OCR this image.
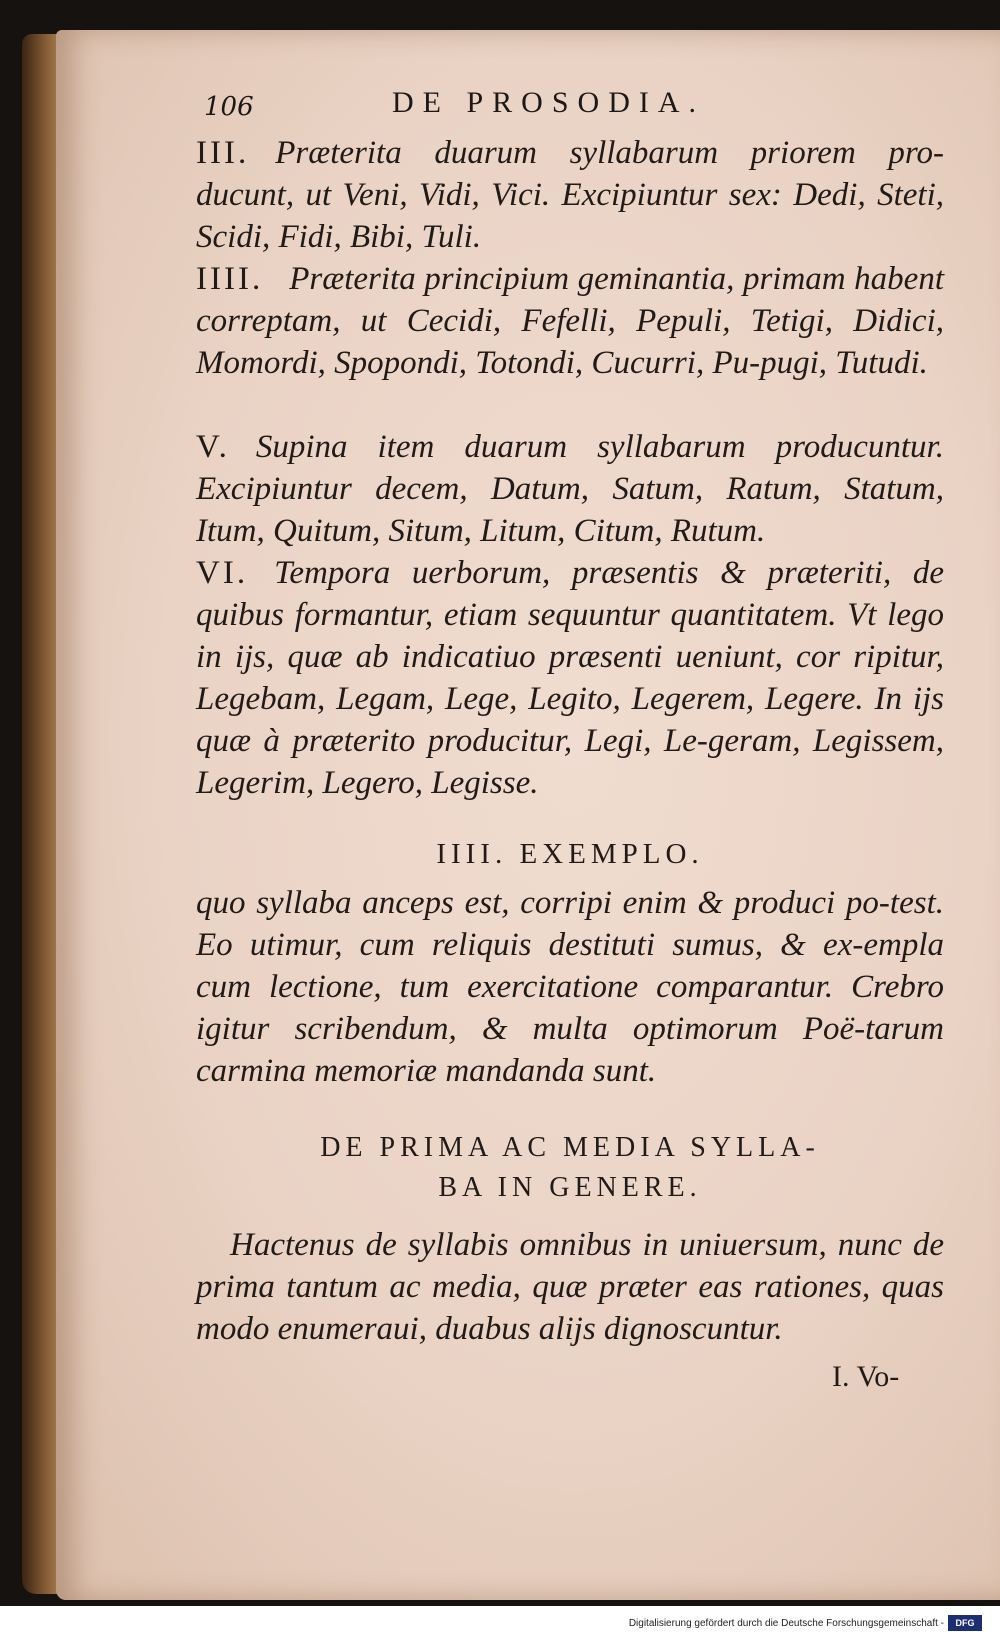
106	DE PROSODIA.

III. Præterita duarum syllabarum priorem pro-ducunt, ut Veni, Vidi, Vici. Excipiuntur sex: Dedi, Steti, Scidi, Fidi, Bibi, Tuli.

IIII. Præterita principium geminantia, primam habent correptam, ut Cecidi, Fefelli, Pepuli, Tetigi, Didici, Momordi, Spopondi, Totondi, Cucurri, Pu-pugi, Tutudi.

V. Supina item duarum syllabarum producuntur. Excipiuntur decem, Datum, Satum, Ratum, Statum, Itum, Quitum, Situm, Litum, Citum, Rutum.

VI. Tempora uerborum, præsentis & præteriti, de quibus formantur, etiam sequuntur quantitatem. Vt lego in ijs, quæ ab indicatiuo præsenti ueniunt, cor ripitur, Legebam, Legam, Lege, Legito, Legerem, Legere. In ijs quæ à præterito producitur, Legi, Le-geram, Legissem, Legerim, Legero, Legisse.

IIII. EXEMPLO.

quo syllaba anceps est, corripi enim & produci po-test. Eo utimur, cum reliquis destituti sumus, & ex-empla cum lectione, tum exercitatione comparantur. Crebro igitur scribendum, & multa optimorum Poë-tarum carmina memoriæ mandanda sunt.

DE PRIMA AC MEDIA SYLLA-
BA IN GENERE.

Hactenus de syllabis omnibus in uniuersum, nunc de prima tantum ac media, quæ præter eas rationes, quas modo enumeraui, duabus alijs dignoscuntur.

I. Vo-
Digitalisierung gefördert durch die Deutsche Forschungsgemeinschaft -	DFG
